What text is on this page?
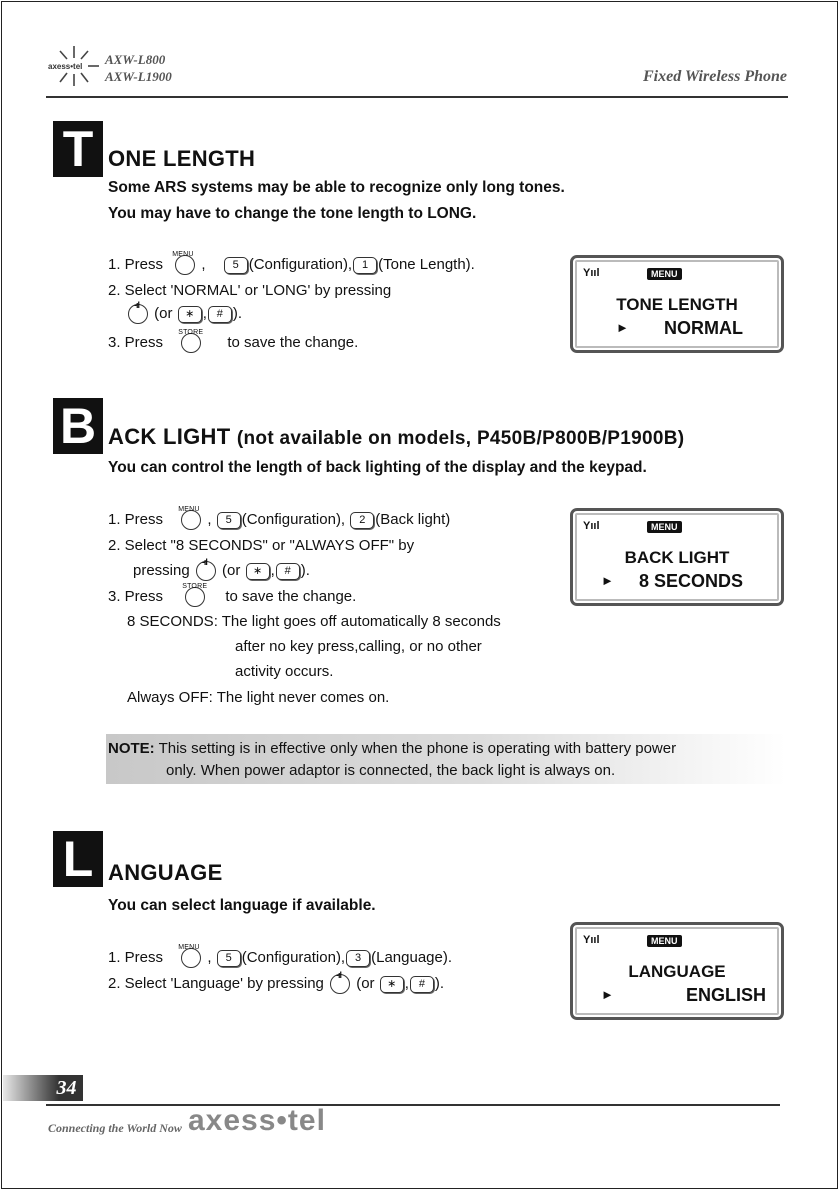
axess•tel AXW-L800
AXW-L1900	Fixed Wireless Phone
T ONE LENGTH
Some ARS systems may be able to recognize only long tones.
You may have to change the tone length to LONG.
1. Press
MENU
, 5 (Configuration), 1 (Tone Length).
2. Select 'NORMAL' or 'LONG' by pressing
-ıl (or ∗ , # ).
3. Press
STORE
to save the change.
Yııl	MENU
TONE LENGTH
► NORMAL
B ACK LIGHT (not available on models, P450B/P800B/P1900B)
You can control the length of back lighting of the display and the keypad.
1. Press
MENU
, 5 (Configuration), 2 (Back light)
2. Select "8 SECONDS" or "ALWAYS OFF" by
pressing -ıl (or ∗ , # ).
3. Press
STORE
to save the change.
8 SECONDS: The light goes off automatically 8 seconds
after no key press,calling, or no other
activity occurs.
Always OFF: The light never comes on.
Yııl	MENU
BACK LIGHT
► 8 SECONDS
NOTE: This setting is in effective only when the phone is operating with battery power
only. When power adaptor is connected, the back light is always on.
L ANGUAGE
You can select language if available.
1. Press
MENU
, 5 (Configuration), 3 (Language).
2. Select 'Language' by pressing -ıl (or ∗ , # ).
Yııl	MENU
LANGUAGE
►	ENGLISH
34
Connecting the World Now axess•tel
